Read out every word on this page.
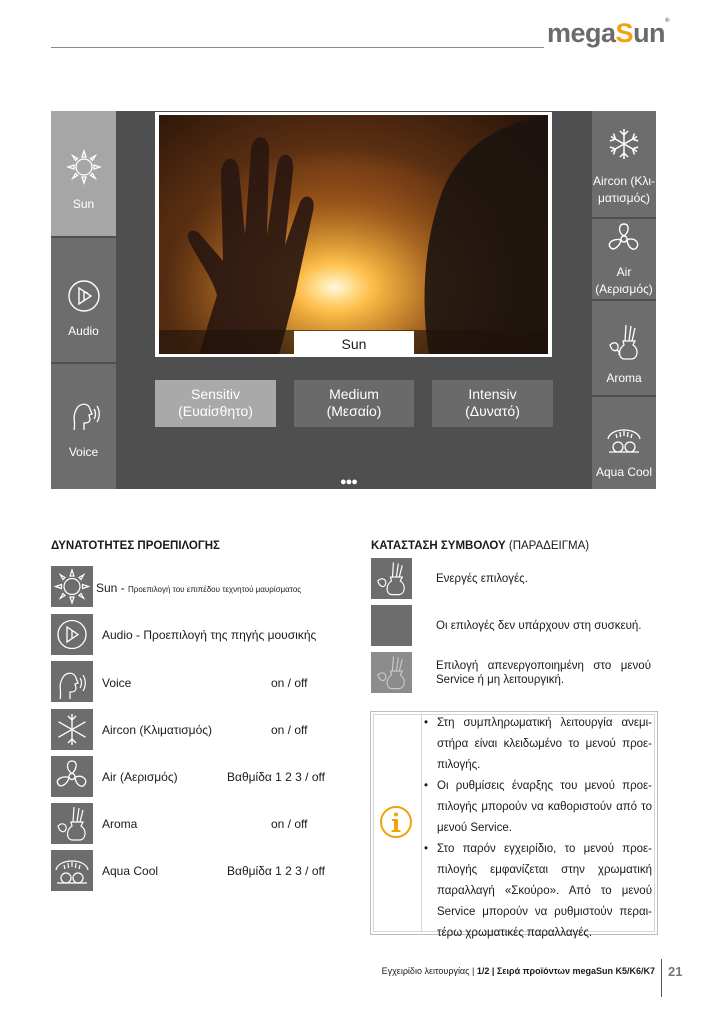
megaSun®
Sun
Audio
Voice
Aircon (Κλι-
ματισμός)
Air
(Αερισμός)
Aroma
Aqua Cool
Sun
Sensitiv
(Ευαίσθητο)
Medium
(Μεσαίο)
Intensiv
(Δυνατό)
●●●
ΔΥΝΑΤΟΤΗΤΕΣ ΠΡΟΕΠΙΛΟΓΗΣ
Sun - Προεπιλογή του επιπέδου τεχνητού μαυρίσματος
Audio - Προεπιλογή της πηγής μουσικής
Voice	on / off
Aircon (Κλιματισμός)	on / off
Air (Αερισμός)	Βαθμίδα 1 2 3 / off
Aroma	on / off
Aqua Cool	Βαθμίδα 1 2 3 / off
ΚΑΤΑΣΤΑΣΗ ΣΥΜΒΟΛΟΥ (ΠΑΡΑΔΕΙΓΜΑ)
Ενεργές επιλογές.
Οι επιλογές δεν υπάρχουν στη συσκευή.
Επιλογή απενεργοποιημένη στο μενού Service ή μη λειτουργική.
• Στη συμπληρωματική λειτουργία ανεμι-στήρα είναι κλειδωμένο το μενού προε-πιλογής.
• Οι ρυθμίσεις έναρξης του μενού προε-πιλογής μπορούν να καθοριστούν από το μενού Service.
• Στο παρόν εγχειρίδιο, το μενού προε-πιλογής εμφανίζεται στην χρωματική παραλλαγή «Σκούρο». Από το μενού Service μπορούν να ρυθμιστούν περαι-τέρω χρωματικές παραλλαγές.
Εγχειρίδιο λειτουργίας | 1/2 | Σειρά προϊόντων megaSun K5/K6/K7 21
